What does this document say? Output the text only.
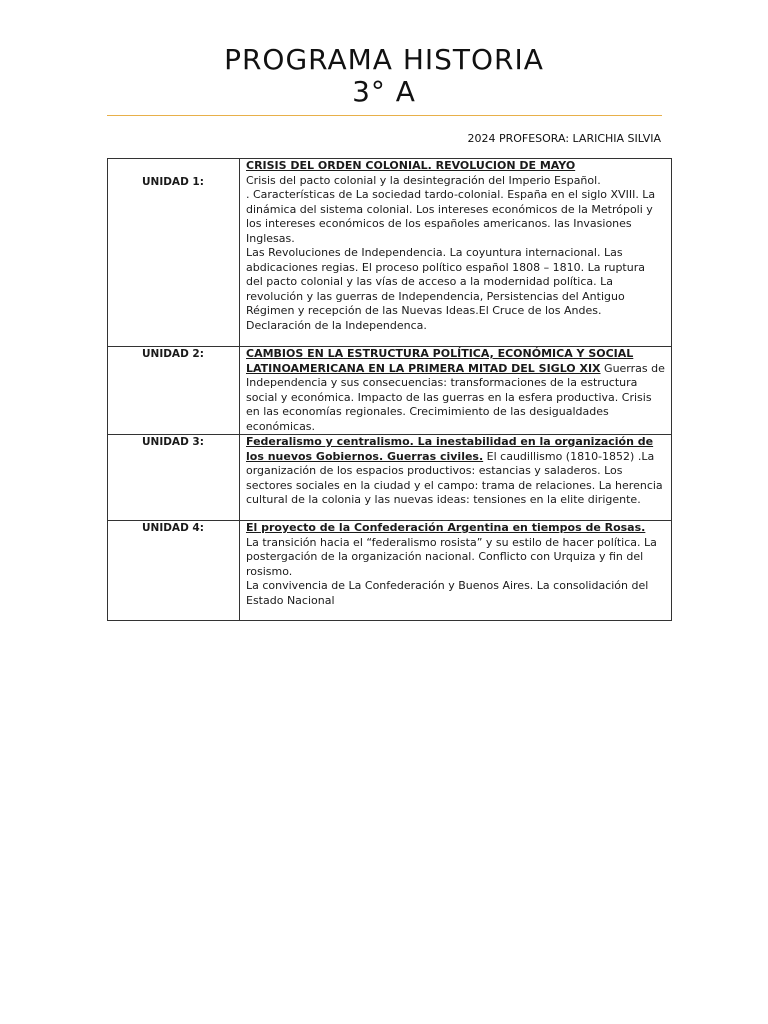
PROGRAMA HISTORIA
3° A
2024 PROFESORA: LARICHIA SILVIA
UNIDAD 1:	CRISIS DEL ORDEN COLONIAL. REVOLUCION DE MAYO
Crisis del pacto colonial y la desintegración del Imperio Español.
. Características de La sociedad tardo-colonial. España en el siglo XVIII. La dinámica del sistema colonial. Los intereses económicos de la Metrópoli y los intereses económicos de los españoles americanos. las Invasiones Inglesas.
Las Revoluciones de Independencia. La coyuntura internacional. Las abdicaciones regias. El proceso político español 1808 – 1810. La ruptura del pacto colonial y las vías de acceso a la modernidad política. La revolución y las guerras de Independencia, Persistencias del Antiguo Régimen y recepción de las Nuevas Ideas.El Cruce de los Andes. Declaración de la Independenca.

UNIDAD 2:	CAMBIOS EN LA ESTRUCTURA POLÍTICA, ECONÓMICA Y SOCIAL LATINOAMERICANA EN LA PRIMERA MITAD DEL SIGLO XIX Guerras de Independencia y sus consecuencias: transformaciones de la estructura social y económica. Impacto de las guerras en la esfera productiva. Crisis en las economías regionales. Crecimimiento de las desigualdades económicas.

UNIDAD 3:	Federalismo y centralismo. La inestabilidad en la organización de los nuevos Gobiernos. Guerras civiles. El caudillismo (1810-1852) .La organización de los espacios productivos: estancias y saladeros. Los sectores sociales en la ciudad y el campo: trama de relaciones. La herencia cultural de la colonia y las nuevas ideas: tensiones en la elite dirigente.

UNIDAD 4:	El proyecto de la Confederación Argentina en tiempos de Rosas.
La transición hacia el “federalismo rosista” y su estilo de hacer política. La postergación de la organización nacional. Conflicto con Urquiza y fin del rosismo.
La convivencia de La Confederación y Buenos Aires. La consolidación del Estado Nacional
